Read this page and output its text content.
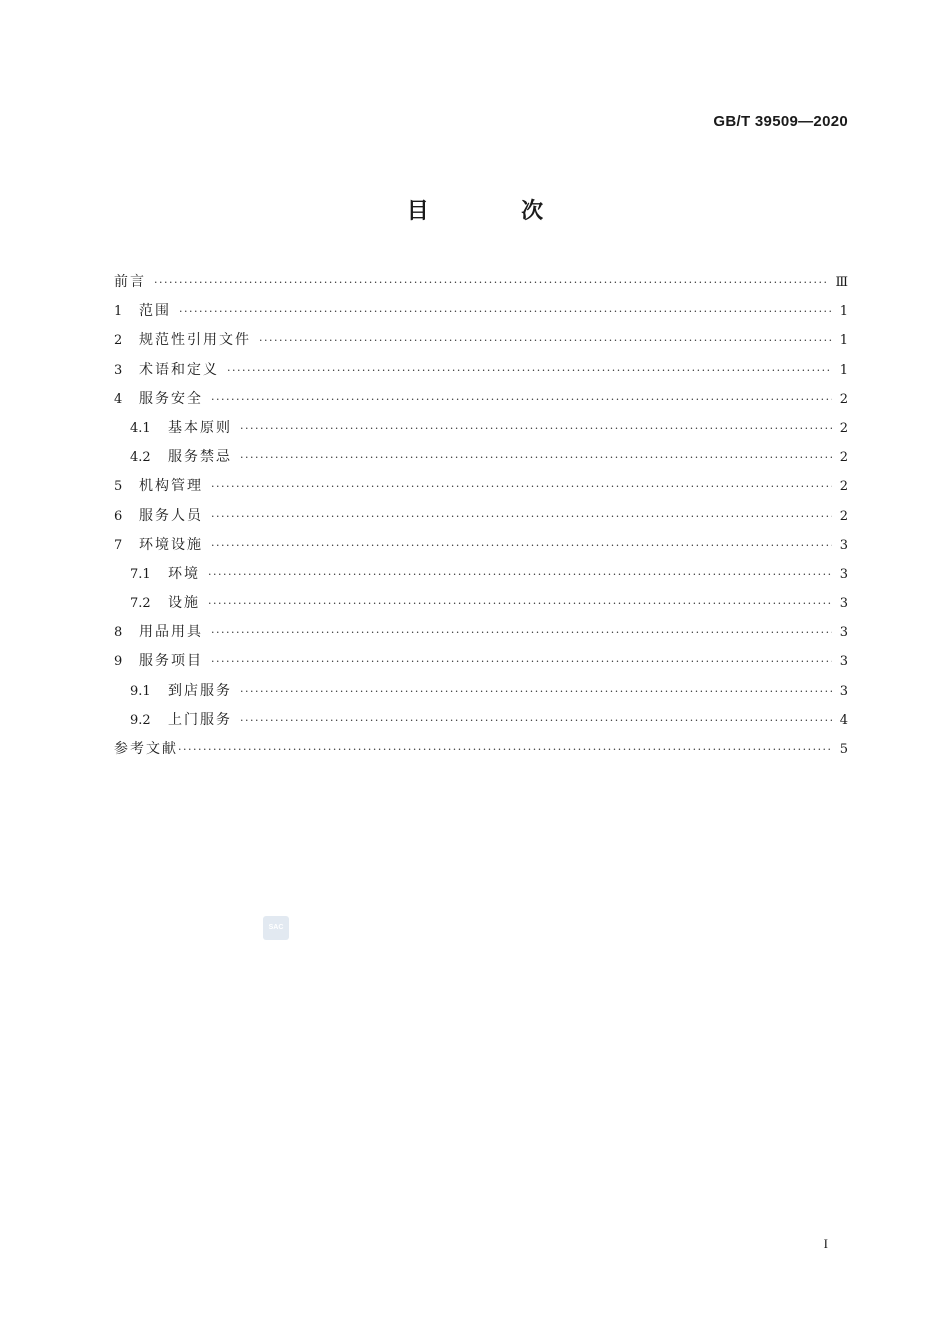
GB/T 39509—2020
目　次
前言 ·····	Ⅲ
1	范围 ·····	1
2	规范性引用文件 ·····	1
3	术语和定义 ·····	1
4	服务安全 ·····	2
4.1	基本原则 ·····	2
4.2	服务禁忌 ·····	2
5	机构管理 ·····	2
6	服务人员 ·····	2
7	环境设施 ·····	3
7.1	环境 ·····	3
7.2	设施 ·····	3
8	用品用具 ·····	3
9	服务项目 ·····	3
9.1	到店服务 ·····	3
9.2	上门服务 ·····	4
参考文献 ·····	5
SAC
I
